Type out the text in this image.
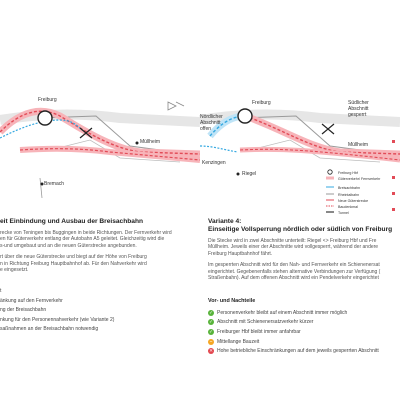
Freiburg
Müllheim
Bremach
Freiburg
Müllheim
Kenzingen
Riegel
Nördlicher
Abschnitt
offen
Südlicher
Abschnitt
gesperrt
Freiburg Hbf
Güterverkehr/ Fernverkehr
Breisachbahn
Rheintalbahn
Neue Güterstrecke
Baudenkmal
Tunnel
eit Einbindung und Ausbau der Breisachbahn
recke von Teningen bis Buggingen in beide Richtungen. Der Fernverkehr wird
en für Güterverkehr entlang der Autobahn A5 geleitet. Gleichzeitig wird die
s-und umgebaut und an die neuen Güterstrecke angebunden.
rt über die neue Güterstrecke und biegt auf der Höhe von Freiburg
n in Richtung Freiburg Hauptbahnhof ab. Für den Nahverkehr wird
e eingesetzt.
t
änkung auf den Fernverkehr
ng der Breisachbahn
nkung für den Personennahverkehr (wie Variante 2)
saßnahmen an der Breisachbahn notwendig
Variante 4:
Einseitige Vollsperrung nördlich oder südlich von Freiburg
Die Stecke wird in zwei Abschnitte unterteilt: Riegel <> Freiburg Hbf und Fre
Müllheim. Jeweils einer der Abschnitte wird vollgesperrt, während der andere
Freiburg Hauptbahnhof fährt.
Im gesperrten Abschnitt wird für den Nah- und Fernverkehr ein Schienenersat
eingerichtet. Gegebenenfalls stehen alternative Verbindungen zur Verfügung (
Straßenbahn). Auf dem offenen Abschnitt wird ein Pendelverkehr eingerichtet
Vor- und Nachteile
✓ Personenverkehr bleibt auf einem Abschnitt immer möglich
✓ Abschnitt mit Schienenersatzverkehr kürzer
✓ Freiburger Hbf bleibt immer anfahrbar
– Mittellange Bauzeit
✕ Hohe betriebliche Einschränkungen auf dem jeweils gesperrten Abschnitt
